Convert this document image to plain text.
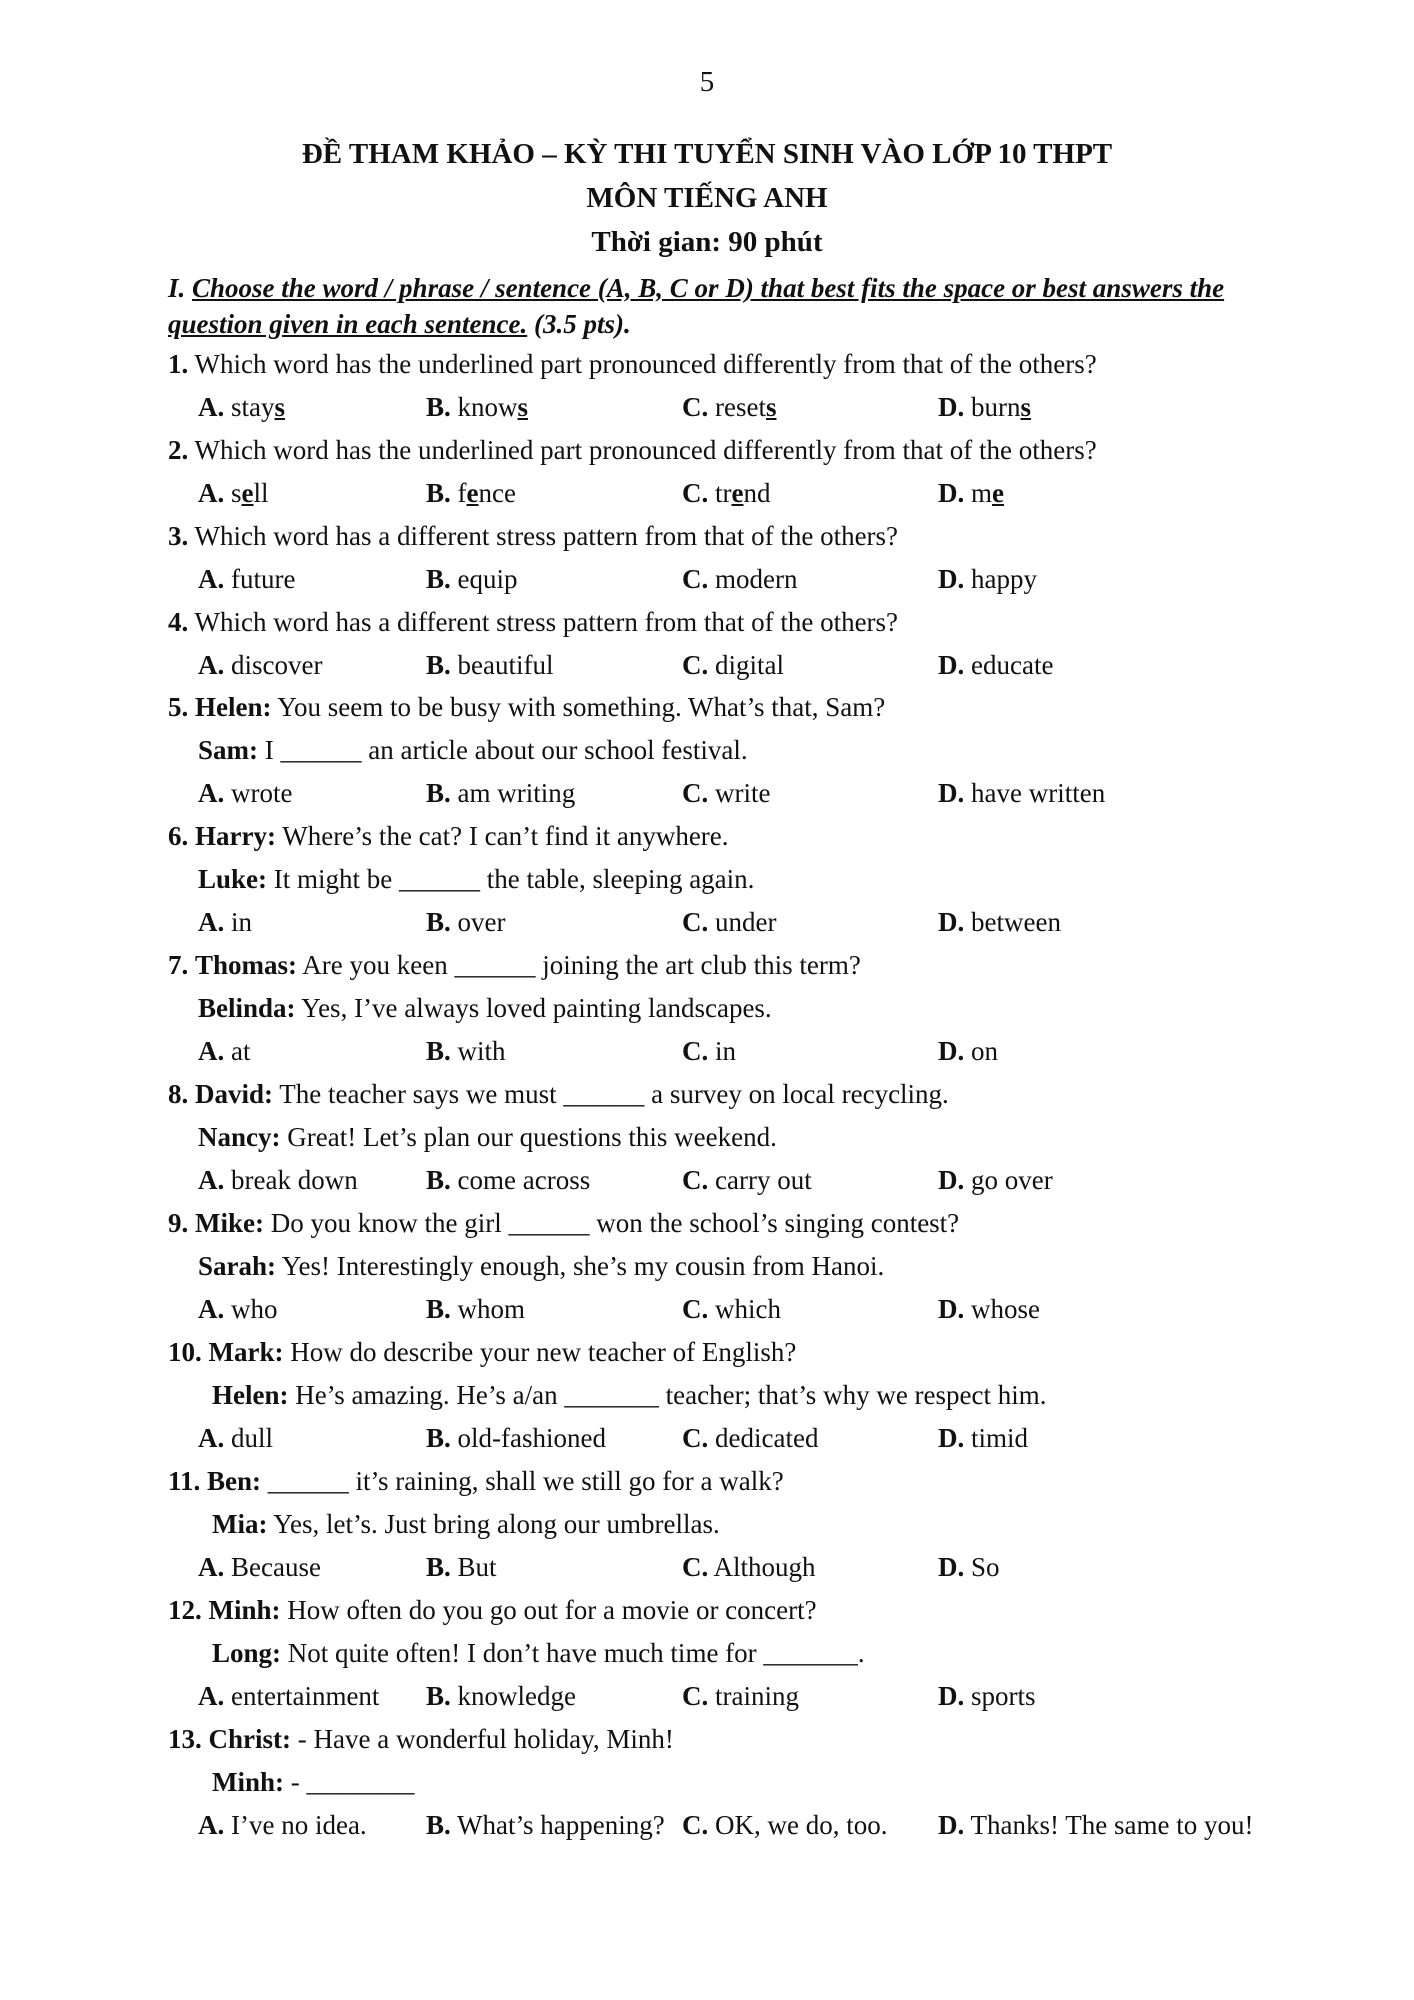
5
ĐỀ THAM KHẢO – KỲ THI TUYỂN SINH VÀO LỚP 10 THPT
MÔN TIẾNG ANH
Thời gian: 90 phút
I. Choose the word / phrase / sentence (A, B, C or D) that best fits the space or best answers the question given in each sentence. (3.5 pts).
1. Which word has the underlined part pronounced differently from that of the others?
A. stays	B. knows	C. resets	D. burns
2. Which word has the underlined part pronounced differently from that of the others?
A. sell	B. fence	C. trend	D. me
3. Which word has a different stress pattern from that of the others?
A. future	B. equip	C. modern	D. happy
4. Which word has a different stress pattern from that of the others?
A. discover	B. beautiful	C. digital	D. educate
5. Helen: You seem to be busy with something. What’s that, Sam?
Sam: I ______ an article about our school festival.
A. wrote	B. am writing	C. write	D. have written
6. Harry: Where’s the cat? I can’t find it anywhere.
Luke: It might be ______ the table, sleeping again.
A. in	B. over	C. under	D. between
7. Thomas: Are you keen ______ joining the art club this term?
Belinda: Yes, I’ve always loved painting landscapes.
A. at	B. with	C. in	D. on
8. David: The teacher says we must ______ a survey on local recycling.
Nancy: Great! Let’s plan our questions this weekend.
A. break down	B. come across	C. carry out	D. go over
9. Mike: Do you know the girl ______ won the school’s singing contest?
Sarah: Yes! Interestingly enough, she’s my cousin from Hanoi.
A. who	B. whom	C. which	D. whose
10. Mark: How do describe your new teacher of English?
Helen: He’s amazing. He’s a/an _______ teacher; that’s why we respect him.
A. dull	B. old-fashioned	C. dedicated	D. timid
11. Ben: ______ it’s raining, shall we still go for a walk?
Mia: Yes, let’s. Just bring along our umbrellas.
A. Because	B. But	C. Although	D. So
12. Minh: How often do you go out for a movie or concert?
Long: Not quite often! I don’t have much time for _______.
A. entertainment B. knowledge	C. training	D. sports
13. Christ: - Have a wonderful holiday, Minh!
Minh: - ________
A. I’ve no idea. B. What’s happening? C. OK, we do, too. D. Thanks! The same to you!
